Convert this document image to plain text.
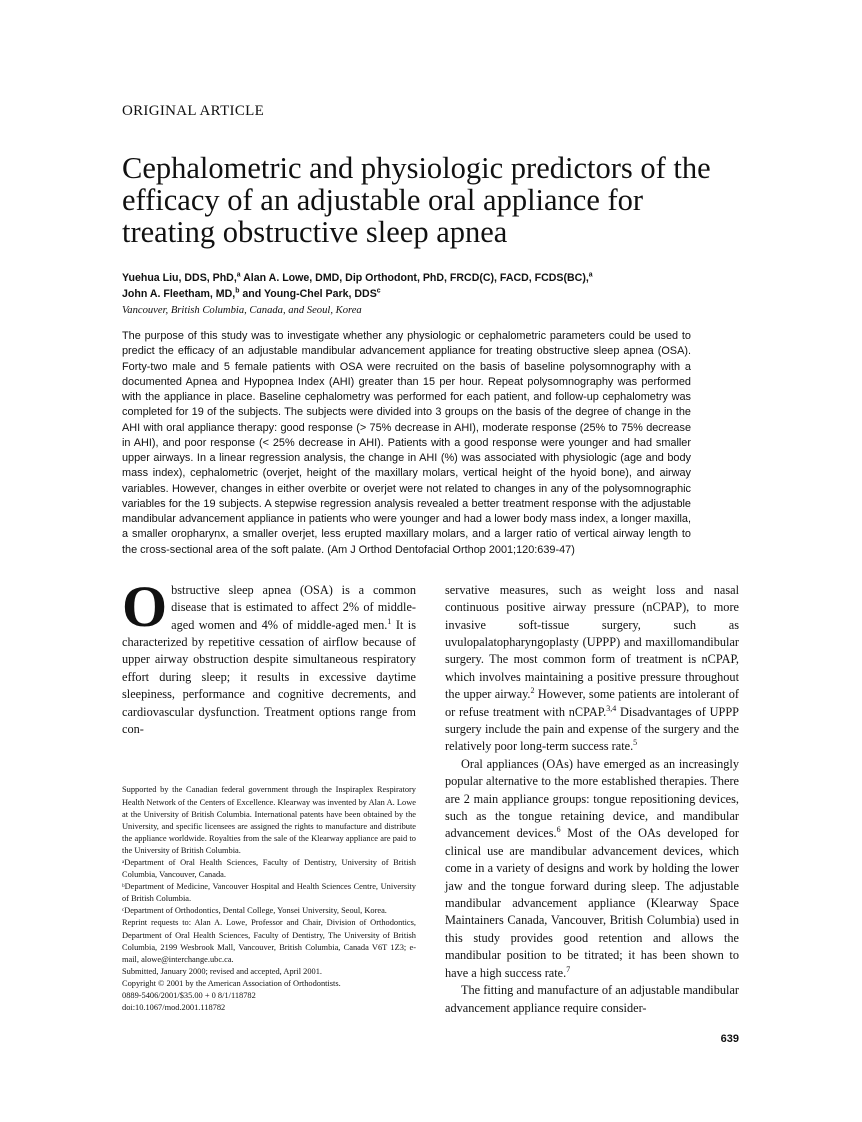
ORIGINAL ARTICLE
Cephalometric and physiologic predictors of the efficacy of an adjustable oral appliance for treating obstructive sleep apnea
Yuehua Liu, DDS, PhD,$^a$ Alan A. Lowe, DMD, Dip Orthodont, PhD, FRCD(C), FACD, FCDS(BC),$^a$
John A. Fleetham, MD,$^b$ and Young-Chel Park, DDS$^c$
Vancouver, British Columbia, Canada, and Seoul, Korea

The purpose of this study was to investigate whether any physiologic or cephalometric parameters could be used to predict the efficacy of an adjustable mandibular advancement appliance for treating obstructive sleep apnea (OSA). Forty-two male and 5 female patients with OSA were recruited on the basis of baseline polysomnography with a documented Apnea and Hypopnea Index (AHI) greater than 15 per hour. Repeat polysomnography was performed with the appliance in place. Baseline cephalometry was performed for each patient, and follow-up cephalometry was completed for 19 of the subjects. The subjects were divided into 3 groups on the basis of the degree of change in the AHI with oral appliance therapy: good response (> 75% decrease in AHI), moderate response (25% to 75% decrease in AHI), and poor response (< 25% decrease in AHI). Patients with a good response were younger and had smaller upper airways. In a linear regression analysis, the change in AHI (%) was associated with physiologic (age and body mass index), cephalometric (overjet, height of the maxillary molars, vertical height of the hyoid bone), and airway variables. However, changes in either overbite or overjet were not related to changes in any of the polysomnographic variables for the 19 subjects. A stepwise regression analysis revealed a better treatment response with the adjustable mandibular advancement appliance in patients who were younger and had a lower body mass index, a longer maxilla, a smaller oropharynx, a smaller overjet, less erupted maxillary molars, and a larger ratio of vertical airway length to the cross-sectional area of the soft palate. (Am J Orthod Dentofacial Orthop 2001;120:639-47)

Obstructive sleep apnea (OSA) is a common disease that is estimated to affect 2% of middle-aged women and 4% of middle-aged men.$^1$ It is characterized by repetitive cessation of airflow because of upper airway obstruction despite simultaneous respiratory effort during sleep; it results in excessive daytime sleepiness, performance and cognitive decrements, and cardiovascular dysfunction. Treatment options range from con-

Supported by the Canadian federal government through the Inspiraplex Respiratory Health Network of the Centers of Excellence. Klearway was invented by Alan A. Lowe at the University of British Columbia. International patents have been obtained by the University, and specific licensees are assigned the rights to manufacture and distribute the appliance worldwide. Royalties from the sale of the Klearway appliance are paid to the University of British Columbia.

ᵃDepartment of Oral Health Sciences, Faculty of Dentistry, University of British Columbia, Vancouver, Canada.

ᵇDepartment of Medicine, Vancouver Hospital and Health Sciences Centre, University of British Columbia.

ᶜDepartment of Orthodontics, Dental College, Yonsei University, Seoul, Korea.

Reprint requests to: Alan A. Lowe, Professor and Chair, Division of Orthodontics, Department of Oral Health Sciences, Faculty of Dentistry, The University of British Columbia, 2199 Wesbrook Mall, Vancouver, British Columbia, Canada V6T 1Z3; e-mail, alowe@interchange.ubc.ca.

Submitted, January 2000; revised and accepted, April 2001.

Copyright © 2001 by the American Association of Orthodontists.

0889-5406/2001/$35.00 + 0 8/1/118782

doi:10.1067/mod.2001.118782

servative measures, such as weight loss and nasal continuous positive airway pressure (nCPAP), to more invasive soft-tissue surgery, such as uvulopalatopharyngoplasty (UPPP) and maxillomandibular surgery. The most common form of treatment is nCPAP, which involves maintaining a positive pressure throughout the upper airway.$^2$ However, some patients are intolerant of or refuse treatment with nCPAP.$^{3,4}$ Disadvantages of UPPP surgery include the pain and expense of the surgery and the relatively poor long-term success rate.$^5$

Oral appliances (OAs) have emerged as an increasingly popular alternative to the more established therapies. There are 2 main appliance groups: tongue repositioning devices, such as the tongue retaining device, and mandibular advancement devices.$^6$ Most of the OAs developed for clinical use are mandibular advancement devices, which come in a variety of designs and work by holding the lower jaw and the tongue forward during sleep. The adjustable mandibular advancement appliance (Klearway Space Maintainers Canada, Vancouver, British Columbia) used in this study provides good retention and allows the mandibular position to be titrated; it has been shown to have a high success rate.$^7$

The fitting and manufacture of an adjustable mandibular advancement appliance require consider-

639
